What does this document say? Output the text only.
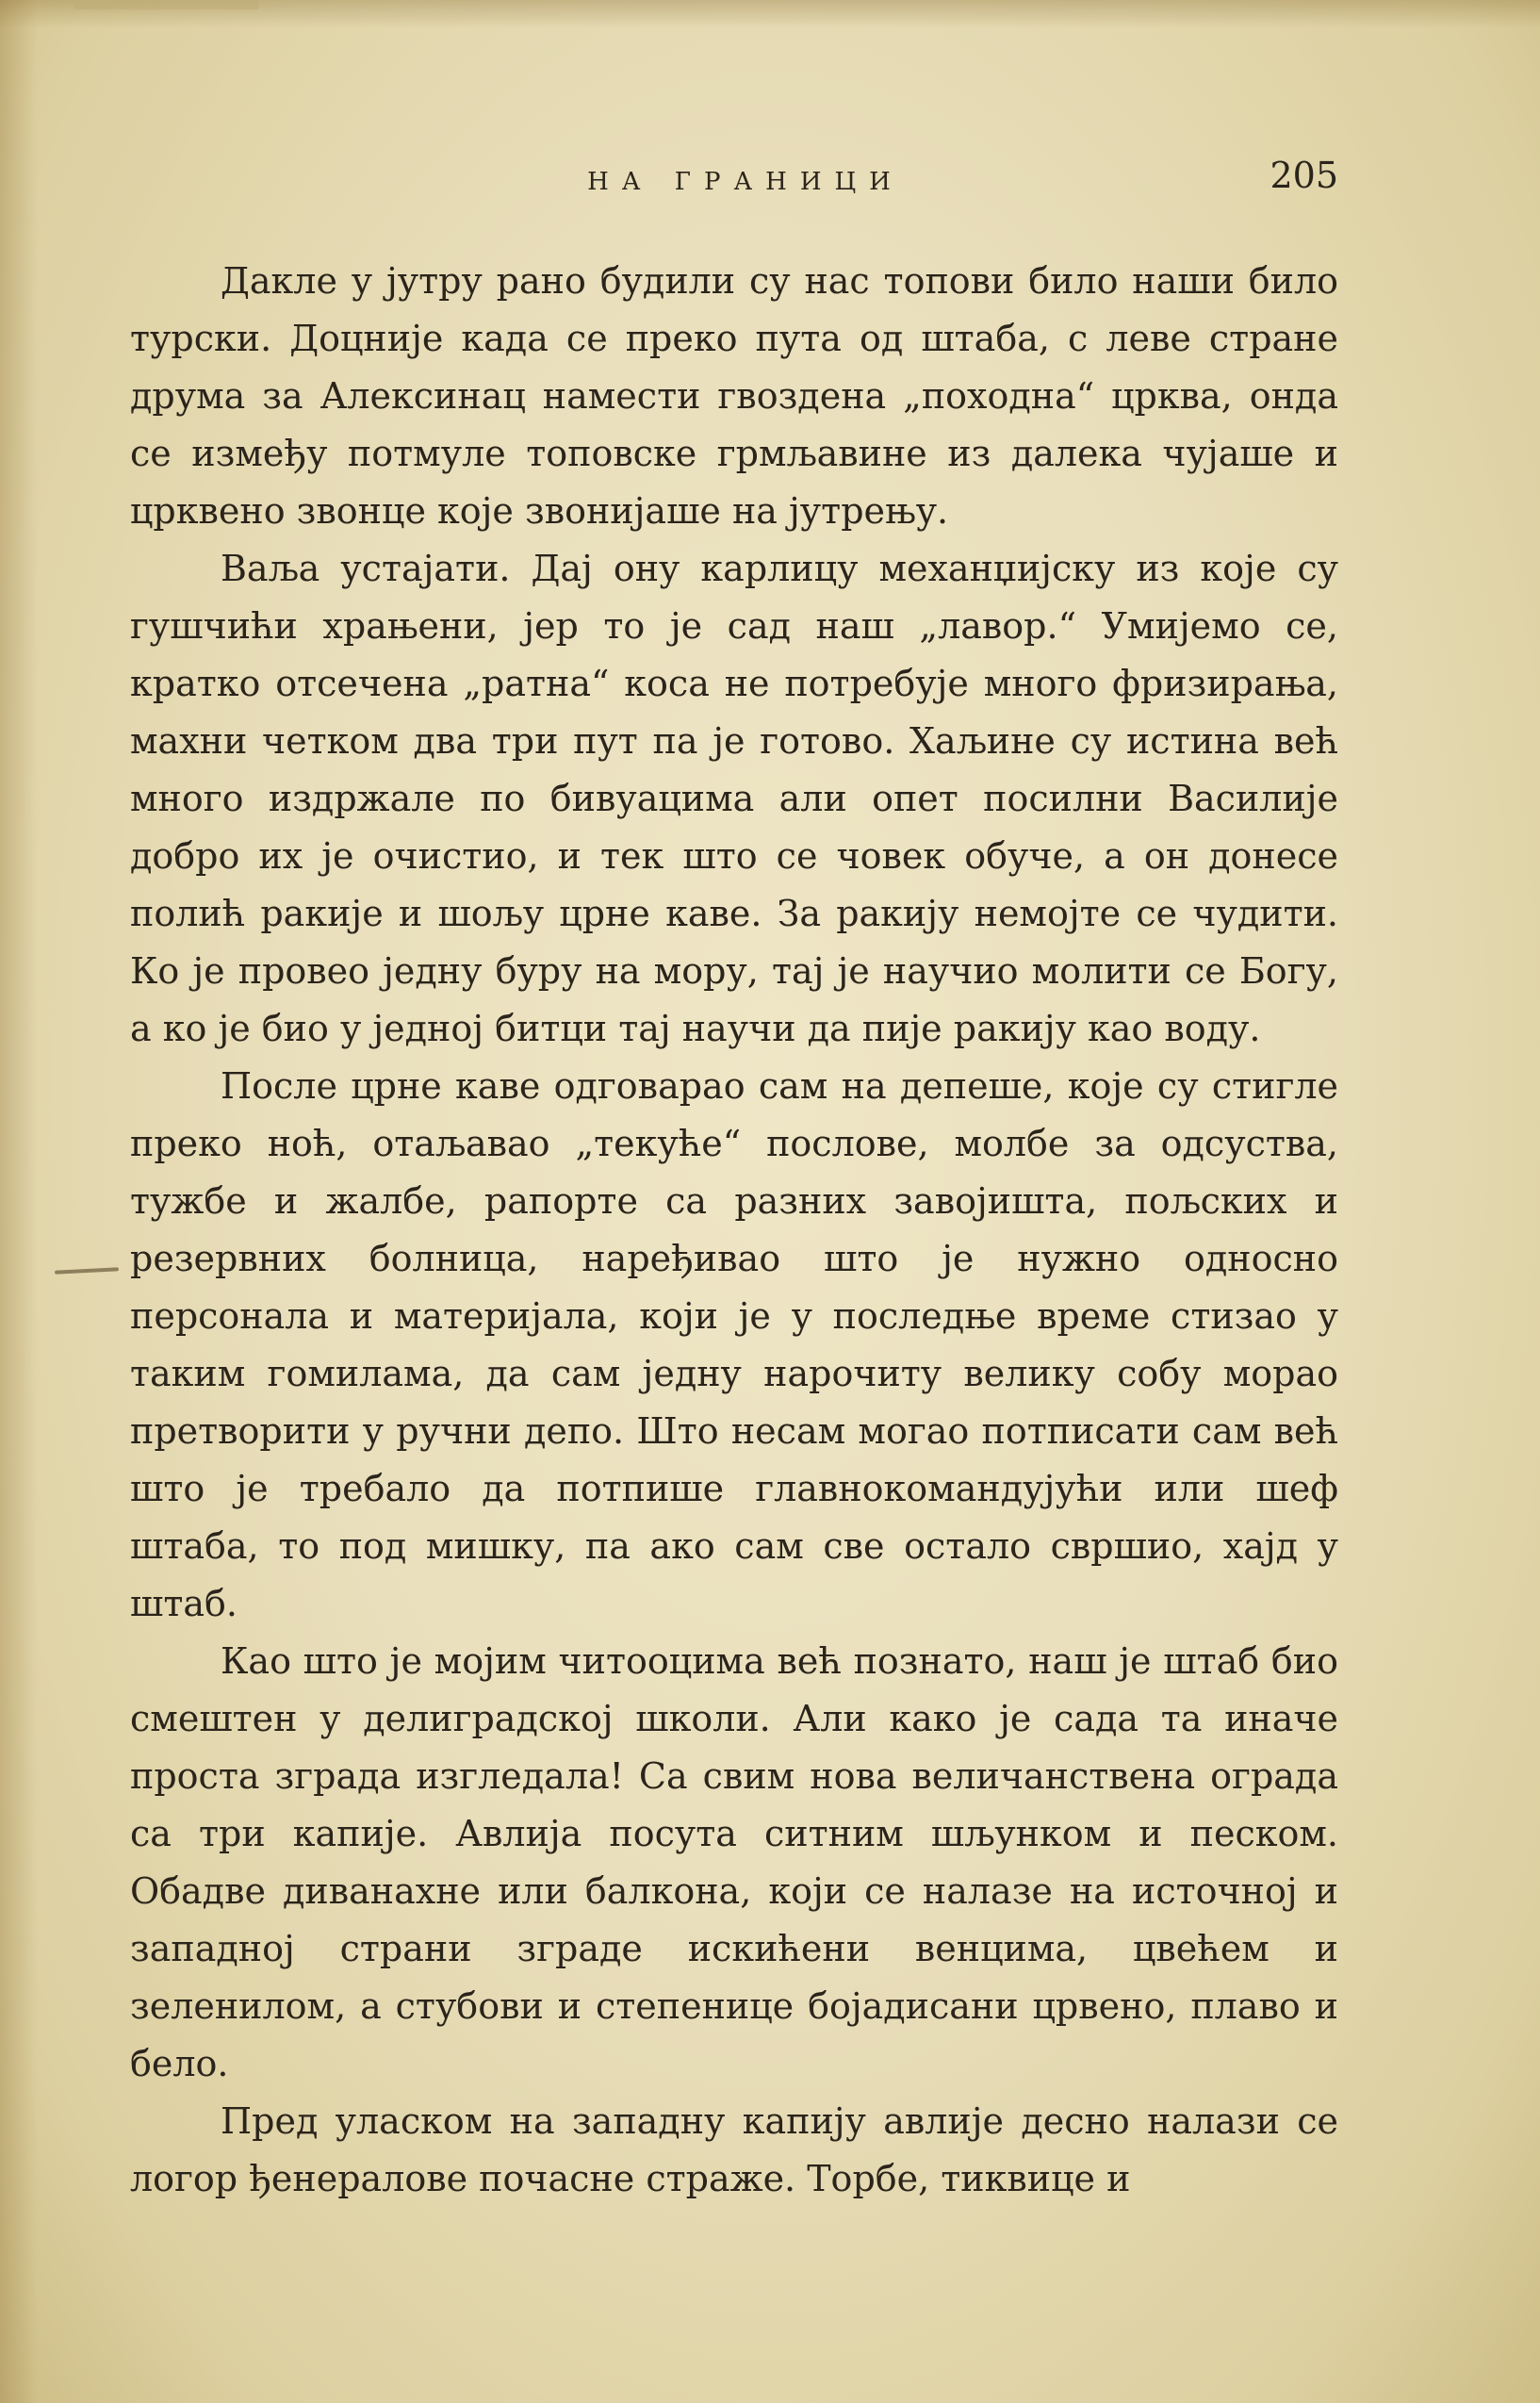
НА ГРАНИЦИ	205

Дакле у јутру рано будили су нас топови било наши било турски. Доцније када се преко пута од штаба, с леве стране друма за Алексинац намести гвоздена „походна“ црква, онда се између потмуле топовске грмљавине из далека чујаше и црквено звонце које звонијаше на јутрењу.

Ваља устајати. Дај ону карлицу механџијску из које су гушчићи храњени, јер то је сад наш „лавор.“ Умијемо се, кратко отсечена „ратна“ коса не потребује много фризирања, махни четком два три пут па је готово. Хаљине су истина већ много издржале по бивуацима али опет посилни Василије добро их је очистио, и тек што се човек обуче, а он донесе полић ракије и шољу црне каве. За ракију немојте се чудити. Ко је провео једну буру на мору, тај је научио молити се Богу, а ко је био у једној битци тај научи да пије ракију као воду.

После црне каве одговарао сам на депеше, које су стигле преко ноћ, отаљавао „текуће“ послове, молбе за одсуства, тужбе и жалбе, рапорте са разних завојишта, пољских и резервних болница, наређивао што је нужно односно персонала и материјала, који је у последње време стизао у таким гомилама, да сам једну нарочиту велику собу морао претворити у ручни депо. Што несам могао потписати сам већ што је требало да потпише главнокомандујући или шеф штаба, то под мишку, па ако сам све остало свршио, хајд у штаб.

Као што је мојим читооцима већ познато, наш је штаб био смештен у делиградској школи. Али како је сада та иначе проста зграда изгледала! Са свим нова величанствена ограда са три капије. Авлија посута ситним шљунком и песком. Обадве диванахне или балкона, који се налазе на источној и западној страни зграде искићени венцима, цвећем и зеленилом, а стубови и степенице бојадисани црвено, плаво и бело.

Пред уласком на западну капију авлије десно налази се логор ђенералове почасне страже. Торбе, тиквице и
